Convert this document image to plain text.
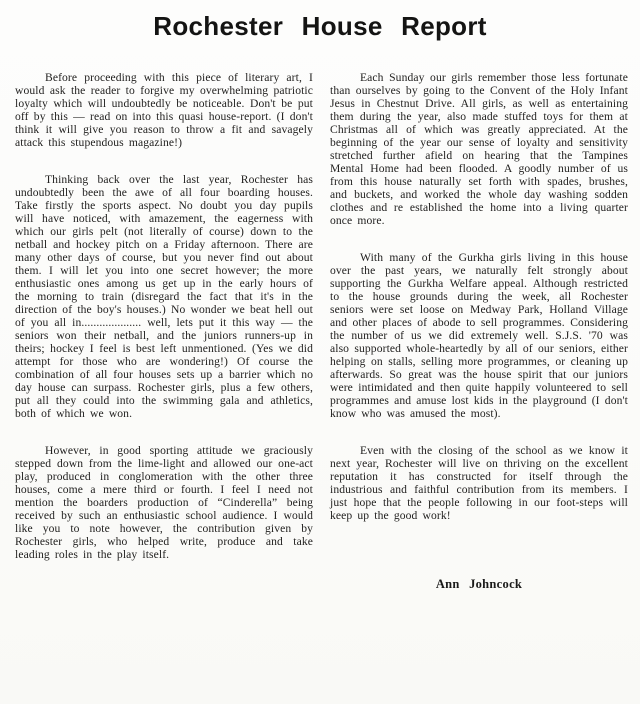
Rochester House Report

Before proceeding with this piece of literary art, I would ask the reader to forgive my overwhelming patriotic loyalty which will undoubtedly be noticeable. Don't be put off by this — read on into this quasi house-report. (I don't think it will give you reason to throw a fit and savagely attack this stupendous magazine!)

Thinking back over the last year, Rochester has undoubtedly been the awe of all four boarding houses. Take firstly the sports aspect. No doubt you day pupils will have noticed, with amazement, the eagerness with which our girls pelt (not literally of course) down to the netball and hockey pitch on a Friday afternoon. There are many other days of course, but you never find out about them. I will let you into one secret however; the more enthusiastic ones among us get up in the early hours of the morning to train (disregard the fact that it's in the direction of the boy's houses.) No wonder we beat hell out of you all in.................... well, lets put it this way — the seniors won their netball, and the juniors runners-up in theirs; hockey I feel is best left unmentioned. (Yes we did attempt for those who are wondering!) Of course the combination of all four houses sets up a barrier which no day house can surpass. Rochester girls, plus a few others, put all they could into the swimming gala and athletics, both of which we won.

However, in good sporting attitude we graciously stepped down from the lime-light and allowed our one-act play, produced in conglomeration with the other three houses, come a mere third or fourth. I feel I need not mention the boarders production of “Cinderella” being received by such an enthusiastic school audience. I would like you to note however, the contribution given by Rochester girls, who helped write, produce and take leading roles in the play itself.

Each Sunday our girls remember those less fortunate than ourselves by going to the Convent of the Holy Infant Jesus in Chestnut Drive. All girls, as well as entertaining them during the year, also made stuffed toys for them at Christmas all of which was greatly appreciated. At the beginning of the year our sense of loyalty and sensitivity stretched further afield on hearing that the Tampines Mental Home had been flooded. A goodly number of us from this house naturally set forth with spades, brushes, and buckets, and worked the whole day washing sodden clothes and re established the home into a living quarter once more.

With many of the Gurkha girls living in this house over the past years, we naturally felt strongly about supporting the Gurkha Welfare appeal. Although restricted to the house grounds during the week, all Rochester seniors were set loose on Medway Park, Holland Village and other places of abode to sell programmes. Considering the number of us we did extremely well. S.J.S. '70 was also supported whole-heartedly by all of our seniors, either helping on stalls, selling more programmes, or cleaning up afterwards. So great was the house spirit that our juniors were intimidated and then quite happily volunteered to sell programmes and amuse lost kids in the playground (I don't know who was amused the most).

Even with the closing of the school as we know it next year, Rochester will live on thriving on the excellent reputation it has constructed for itself through the industrious and faithful contribution from its members. I just hope that the people following in our foot-steps will keep up the good work!

Ann Johncock
